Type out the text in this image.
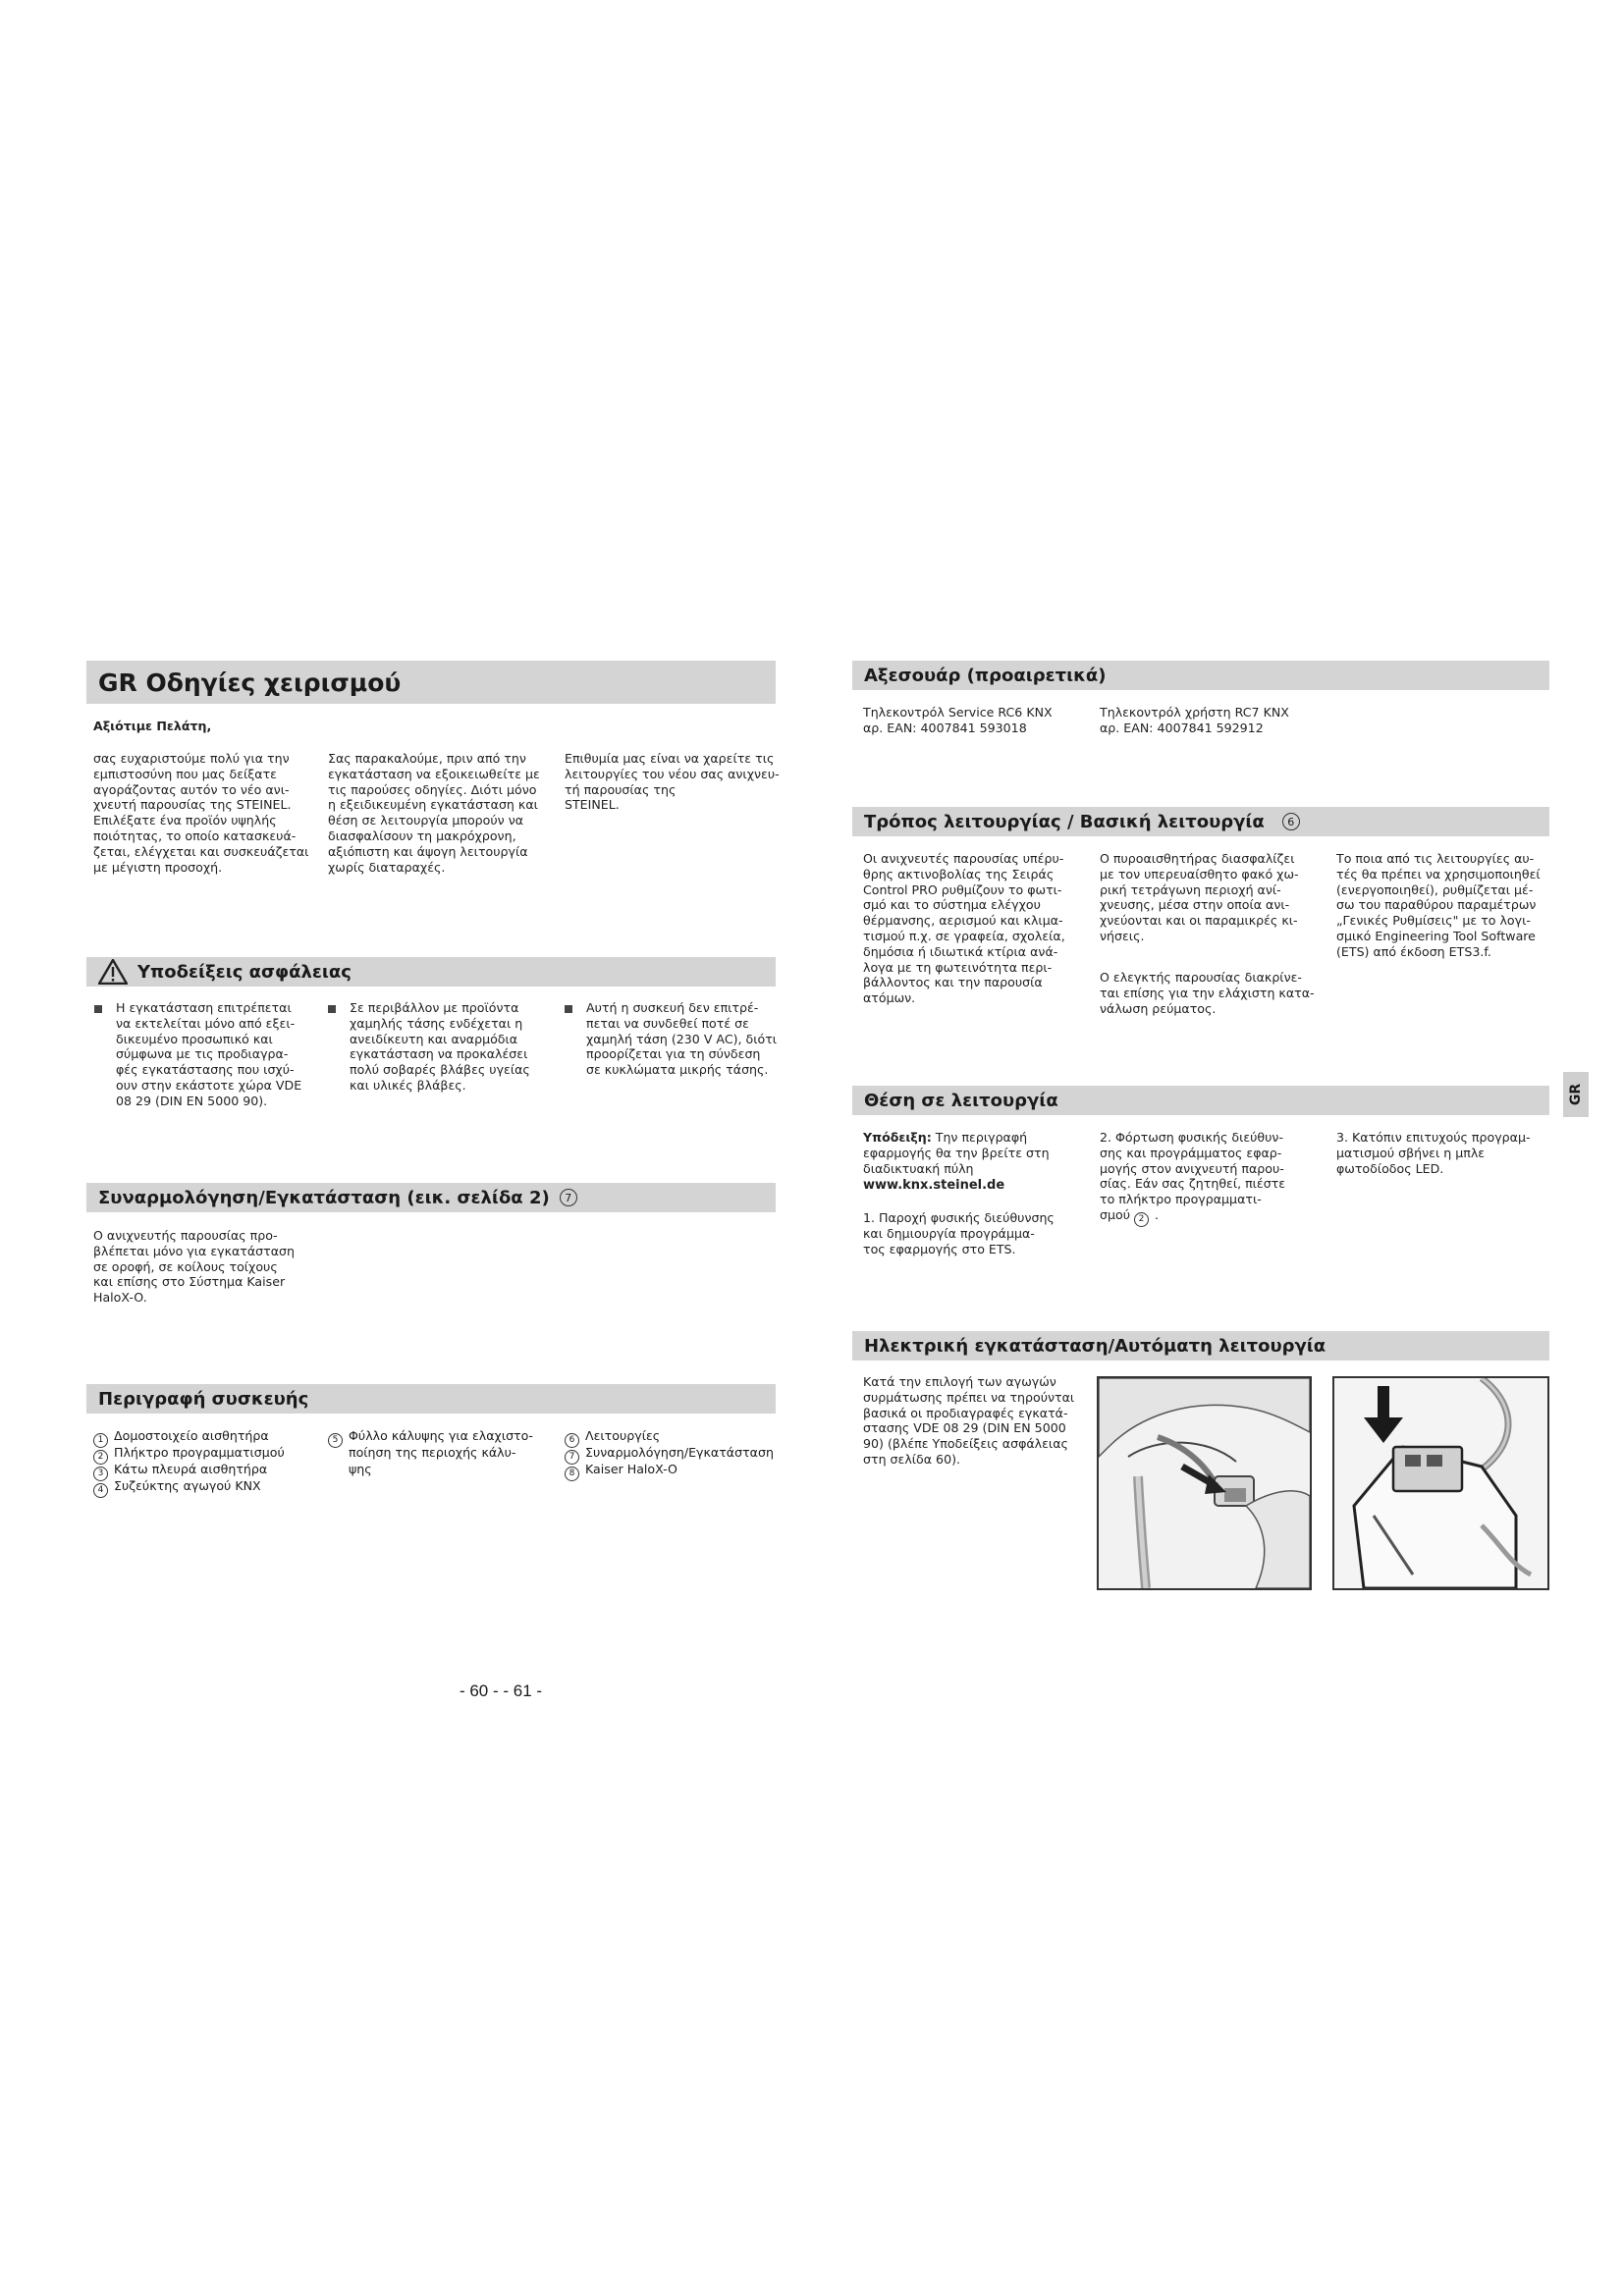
GR Οδηγίες χειρισμού
Αξιότιμε Πελάτη,
σας ευχαριστούμε πολύ για την
εμπιστοσύνη που μας δείξατε
αγοράζοντας αυτόν το νέο ανι-
χνευτή παρουσίας της STEINEL.
Επιλέξατε ένα προϊόν υψηλής
ποιότητας, το οποίο κατασκευά-
ζεται, ελέγχεται και συσκευάζεται
με μέγιστη προσοχή.
Σας παρακαλούμε, πριν από την
εγκατάσταση να εξοικειωθείτε με
τις παρούσες οδηγίες. Διότι μόνο
η εξειδικευμένη εγκατάσταση και
θέση σε λειτουργία μπορούν να
διασφαλίσουν τη μακρόχρονη,
αξιόπιστη και άψογη λειτουργία
χωρίς διαταραχές.
Επιθυμία μας είναι να χαρείτε τις
λειτουργίες του νέου σας ανιχνευ-
τή παρουσίας της
STEINEL.
Υποδείξεις ασφάλειας
Η εγκατάσταση επιτρέπεται
να εκτελείται μόνο από εξει-
δικευμένο προσωπικό και
σύμφωνα με τις προδιαγρα-
φές εγκατάστασης που ισχύ-
ουν στην εκάστοτε χώρα VDE
08 29 (DIN EN 5000 90).
Σε περιβάλλον με προϊόντα
χαμηλής τάσης ενδέχεται η
ανειδίκευτη και αναρμόδια
εγκατάσταση να προκαλέσει
πολύ σοβαρές βλάβες υγείας
και υλικές βλάβες.
Αυτή η συσκευή δεν επιτρέ-
πεται να συνδεθεί ποτέ σε
χαμηλή τάση (230 V AC), διότι
προορίζεται για τη σύνδεση
σε κυκλώματα μικρής τάσης.
Συναρμολόγηση/Εγκατάσταση (εικ. σελίδα 2)	7
Ο ανιχνευτής παρουσίας προ-
βλέπεται μόνο για εγκατάσταση
σε οροφή, σε κοίλους τοίχους
και επίσης στο Σύστημα Kaiser
HaloX-O.
Περιγραφή συσκευής
1 Δομοστοιχείο αισθητήρα
2 Πλήκτρο προγραμματισμού
3 Κάτω πλευρά αισθητήρα
4 Συζεύκτης αγωγού KNX
5 Φύλλο κάλυψης για ελαχιστο-
ποίηση της περιοχής κάλυ-
ψης
6 Λειτουργίες
7 Συναρμολόγηση/Εγκατάσταση
8 Kaiser HaloX-O
Αξεσουάρ (προαιρετικά)
Τηλεκοντρόλ Service RC6 KNX
αρ. EAN: 4007841 593018
Τηλεκοντρόλ χρήστη RC7 KNX
αρ. EAN: 4007841 592912
Τρόπος λειτουργίας / Βασική λειτουργία	6
Οι ανιχνευτές παρουσίας υπέρυ-
θρης ακτινοβολίας της Σειράς
Control PRO ρυθμίζουν το φωτι-
σμό και το σύστημα ελέγχου
θέρμανσης, αερισμού και κλιμα-
τισμού π.χ. σε γραφεία, σχολεία,
δημόσια ή ιδιωτικά κτίρια ανά-
λογα με τη φωτεινότητα περι-
βάλλοντος και την παρουσία
ατόμων.
Ο πυροαισθητήρας διασφαλίζει
με τον υπερευαίσθητο φακό χω-
ρική τετράγωνη περιοχή ανί-
χνευσης, μέσα στην οποία ανι-
χνεύονται και οι παραμικρές κι-
νήσεις.
Ο ελεγκτής παρουσίας διακρίνε-
ται επίσης για την ελάχιστη κατα-
νάλωση ρεύματος.
Το ποια από τις λειτουργίες αυ-
τές θα πρέπει να χρησιμοποιηθεί
(ενεργοποιηθεί), ρυθμίζεται μέ-
σω του παραθύρου παραμέτρων
„Γενικές Ρυθμίσεις" με το λογι-
σμικό Engineering Tool Software
(ETS) από έκδοση ETS3.f.
GR
Θέση σε λειτουργία
Υπόδειξη: Την περιγραφή
εφαρμογής θα την βρείτε στη
διαδικτυακή πύλη
www.knx.steinel.de
1. Παροχή φυσικής διεύθυνσης
και δημιουργία προγράμμα-
τος εφαρμογής στο ETS.
2. Φόρτωση φυσικής διεύθυν-
σης και προγράμματος εφαρ-
μογής στον ανιχνευτή παρου-
σίας. Εάν σας ζητηθεί, πιέστε
το πλήκτρο προγραμματι-
σμού 2 .
3. Κατόπιν επιτυχούς προγραμ-
ματισμού σβήνει η μπλε
φωτοδίοδος LED.
Ηλεκτρική εγκατάσταση/Αυτόματη λειτουργία
Κατά την επιλογή των αγωγών
συρμάτωσης πρέπει να τηρούνται
βασικά οι προδιαγραφές εγκατά-
στασης VDE 08 29 (DIN EN 5000
90) (βλέπε Υποδείξεις ασφάλειας
στη σελίδα 60).
- 60 - - 61 -
